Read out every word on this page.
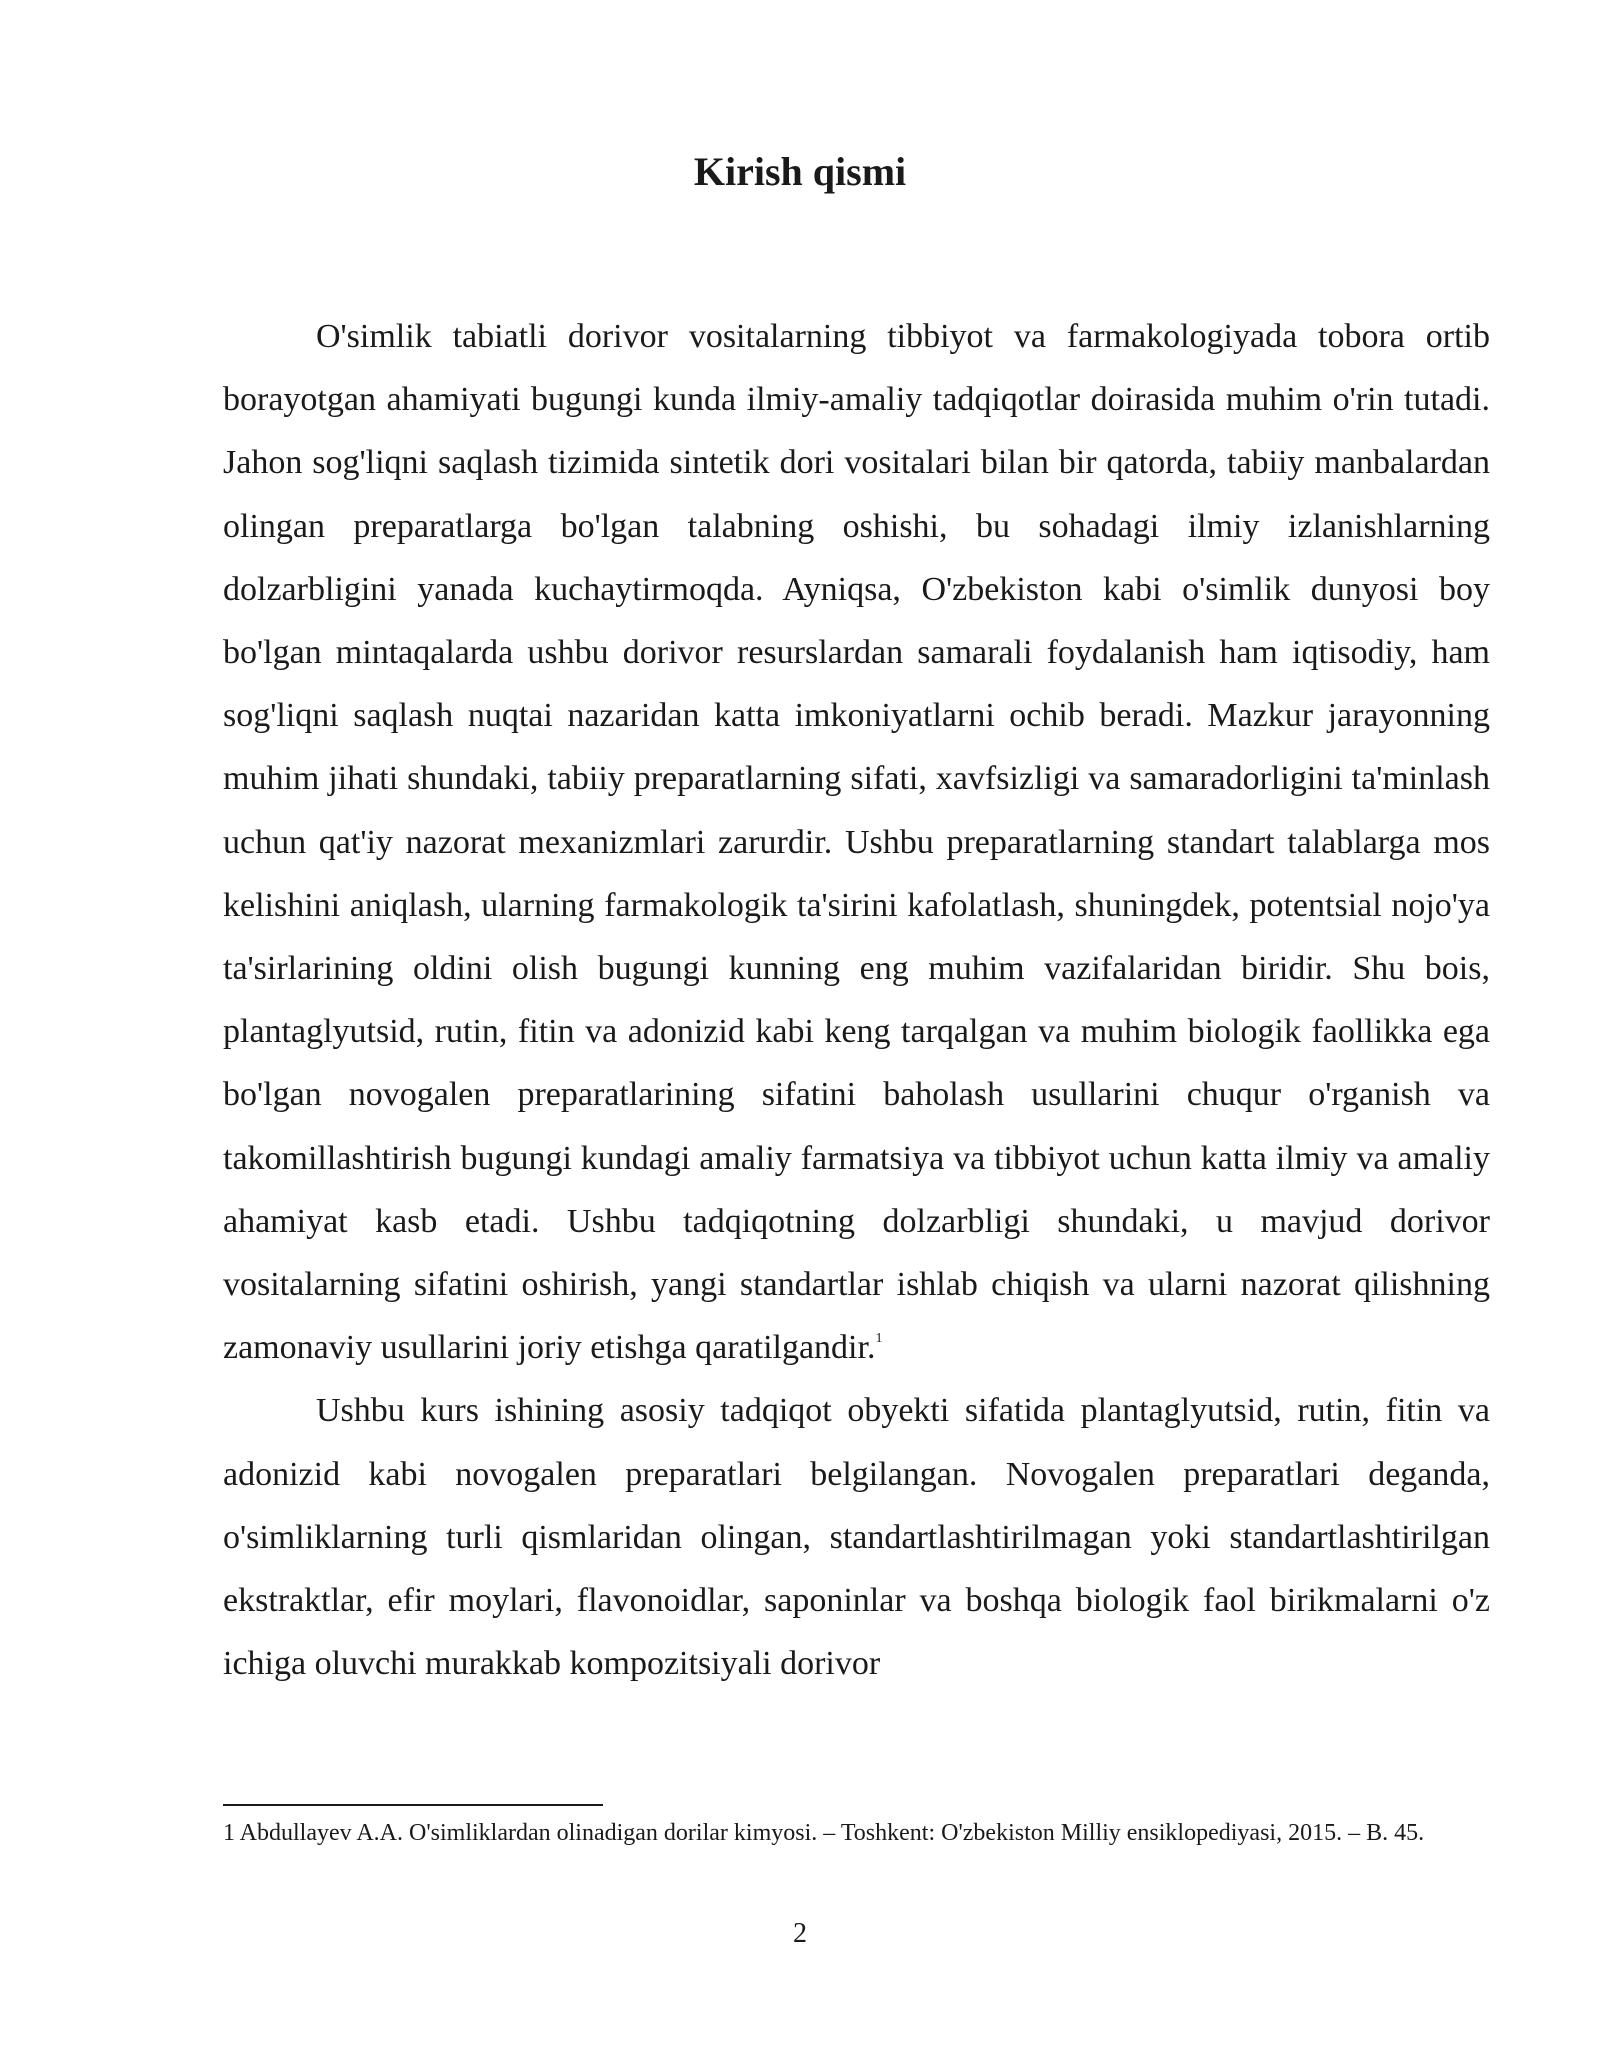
Kirish qismi

O'simlik tabiatli dorivor vositalarning tibbiyot va farmakologiyada tobora ortib borayotgan ahamiyati bugungi kunda ilmiy-amaliy tadqiqotlar doirasida muhim o'rin tutadi. Jahon sog'liqni saqlash tizimida sintetik dori vositalari bilan bir qatorda, tabiiy manbalardan olingan preparatlarga bo'lgan talabning oshishi, bu sohadagi ilmiy izlanishlarning dolzarbligini yanada kuchaytirmoqda. Ayniqsa, O'zbekiston kabi o'simlik dunyosi boy bo'lgan mintaqalarda ushbu dorivor resurslardan samarali foydalanish ham iqtisodiy, ham sog'liqni saqlash nuqtai nazaridan katta imkoniyatlarni ochib beradi. Mazkur jarayonning muhim jihati shundaki, tabiiy preparatlarning sifati, xavfsizligi va samaradorligini ta'minlash uchun qat'iy nazorat mexanizmlari zarurdir. Ushbu preparatlarning standart talablarga mos kelishini aniqlash, ularning farmakologik ta'sirini kafolatlash, shuningdek, potentsial nojo'ya ta'sirlarining oldini olish bugungi kunning eng muhim vazifalaridan biridir. Shu bois, plantaglyutsid, rutin, fitin va adonizid kabi keng tarqalgan va muhim biologik faollikka ega bo'lgan novogalen preparatlarining sifatini baholash usullarini chuqur o'rganish va takomillashtirish bugungi kundagi amaliy farmatsiya va tibbiyot uchun katta ilmiy va amaliy ahamiyat kasb etadi. Ushbu tadqiqotning dolzarbligi shundaki, u mavjud dorivor vositalarning sifatini oshirish, yangi standartlar ishlab chiqish va ularni nazorat qilishning zamonaviy usullarini joriy etishga qaratilgandir.$^1$

Ushbu kurs ishining asosiy tadqiqot obyekti sifatida plantaglyutsid, rutin, fitin va adonizid kabi novogalen preparatlari belgilangan. Novogalen preparatlari deganda, o'simliklarning turli qismlaridan olingan, standartlashtirilmagan yoki standartlashtirilgan ekstraktlar, efir moylari, flavonoidlar, saponinlar va boshqa biologik faol birikmalarni o'z ichiga oluvchi murakkab kompozitsiyali dorivor

1 Abdullayev A.A. O'simliklardan olinadigan dorilar kimyosi. – Toshkent: O'zbekiston Milliy ensiklopediyasi, 2015. – B. 45.

2
